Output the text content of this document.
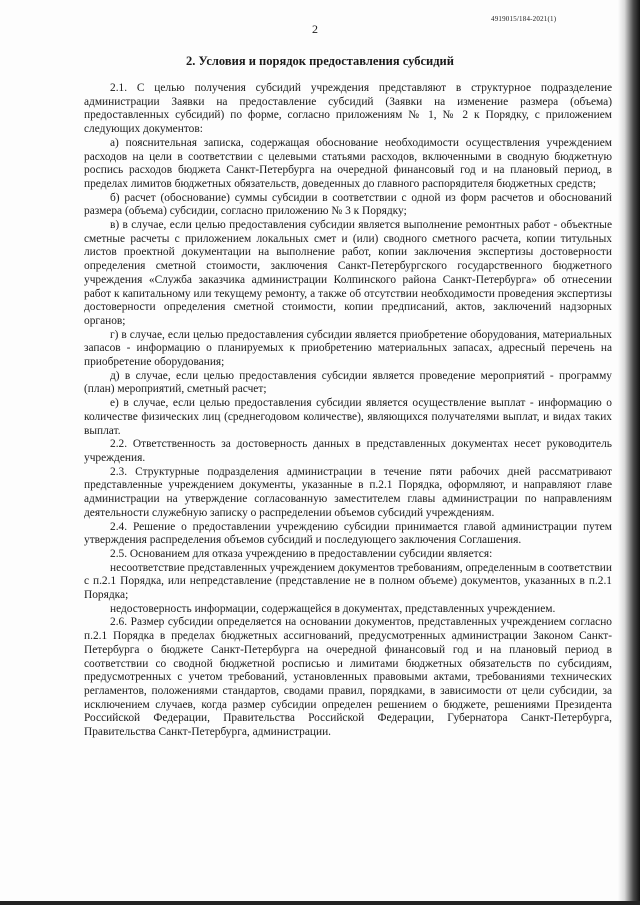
2
4919015/184-2021(1)
2. Условия и порядок предоставления субсидий

2.1. С целью получения субсидий учреждения представляют в структурное подразделение администрации Заявки на предоставление субсидий (Заявки на изменение размера (объема) предоставленных субсидий) по форме, согласно приложениям № 1, № 2 к Порядку, с приложением следующих документов:

а) пояснительная записка, содержащая обоснование необходимости осуществления учреждением расходов на цели в соответствии с целевыми статьями расходов, включенными в сводную бюджетную роспись расходов бюджета Санкт-Петербурга на очередной финансовый год и на плановый период, в пределах лимитов бюджетных обязательств, доведенных до главного распорядителя бюджетных средств;

б) расчет (обоснование) суммы субсидии в соответствии с одной из форм расчетов и обоснований размера (объема) субсидии, согласно приложению № 3 к Порядку;

в) в случае, если целью предоставления субсидии является выполнение ремонтных работ - объектные сметные расчеты с приложением локальных смет и (или) сводного сметного расчета, копии титульных листов проектной документации на выполнение работ, копии заключения экспертизы достоверности определения сметной стоимости, заключения Санкт-Петербургского государственного бюджетного учреждения «Служба заказчика администрации Колпинского района Санкт-Петербурга» об отнесении работ к капитальному или текущему ремонту, а также об отсутствии необходимости проведения экспертизы достоверности определения сметной стоимости, копии предписаний, актов, заключений надзорных органов;

г) в случае, если целью предоставления субсидии является приобретение оборудования, материальных запасов - информацию о планируемых к приобретению материальных запасах, адресный перечень на приобретение оборудования;

д) в случае, если целью предоставления субсидии является проведение мероприятий - программу (план) мероприятий, сметный расчет;

е) в случае, если целью предоставления субсидии является осуществление выплат - информацию о количестве физических лиц (среднегодовом количестве), являющихся получателями выплат, и видах таких выплат.

2.2. Ответственность за достоверность данных в представленных документах несет руководитель учреждения.

2.3. Структурные подразделения администрации в течение пяти рабочих дней рассматривают представленные учреждением документы, указанные в п.2.1 Порядка, оформляют, и направляют главе администрации на утверждение согласованную заместителем главы администрации по направлениям деятельности служебную записку о распределении объемов субсидий учреждениям.

2.4. Решение о предоставлении учреждению субсидии принимается главой администрации путем утверждения распределения объемов субсидий и последующего заключения Соглашения.

2.5. Основанием для отказа учреждению в предоставлении субсидии является:

несоответствие представленных учреждением документов требованиям, определенным в соответствии с п.2.1 Порядка, или непредставление (представление не в полном объеме) документов, указанных в п.2.1 Порядка;

недостоверность информации, содержащейся в документах, представленных учреждением.

2.6. Размер субсидии определяется на основании документов, представленных учреждением согласно п.2.1 Порядка в пределах бюджетных ассигнований, предусмотренных администрации Законом Санкт-Петербурга о бюджете Санкт-Петербурга на очередной финансовый год и на плановый период в соответствии со сводной бюджетной росписью и лимитами бюджетных обязательств по субсидиям, предусмотренных с учетом требований, установленных правовыми актами, требованиями технических регламентов, положениями стандартов, сводами правил, порядками, в зависимости от цели субсидии, за исключением случаев, когда размер субсидии определен решением о бюджете, решениями Президента Российской Федерации, Правительства Российской Федерации, Губернатора Санкт-Петербурга, Правительства Санкт-Петербурга, администрации.
